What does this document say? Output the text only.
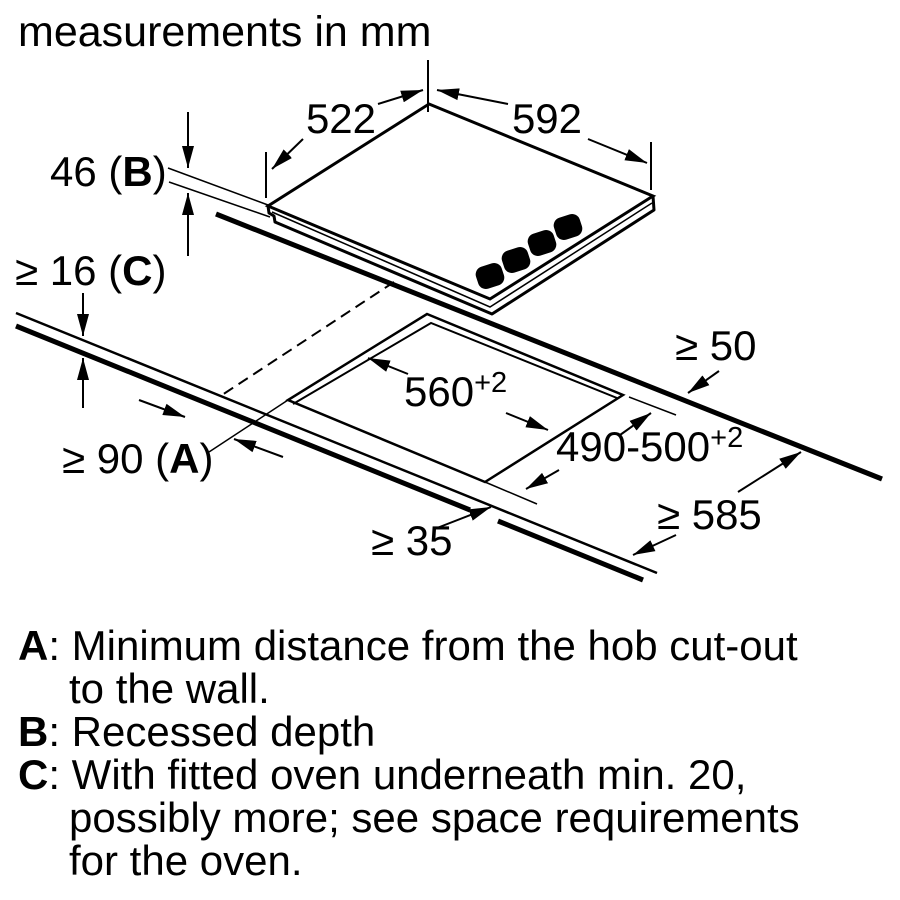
measurements in mm
522	592
46 (B)
≥ 16 (C)
≥ 90 (A)
≥ 50
≥ 585
≥ 35
$560^{+2}$
$490-500^{+2}$
A: Minimum distance from the hob cut-out
to the wall.
B: Recessed depth
C: With fitted oven underneath min. 20,
possibly more; see space requirements
for the oven.
